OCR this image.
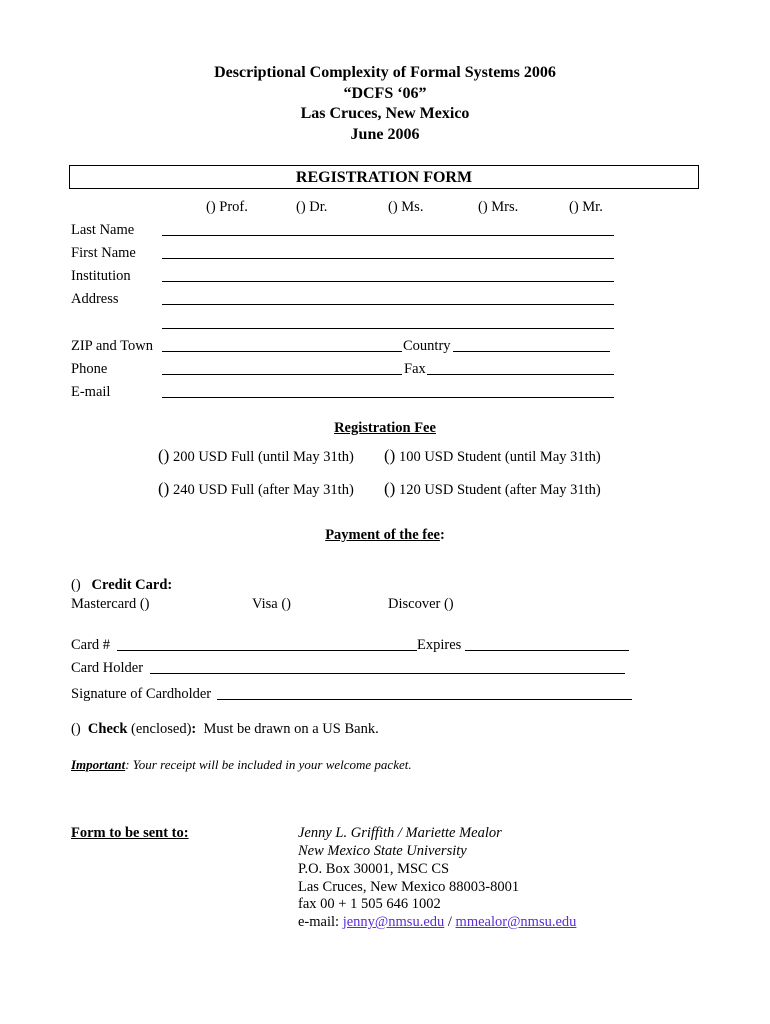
Descriptional Complexity of Formal Systems 2006
“DCFS ‘06”
Las Cruces, New Mexico
June 2006
REGISTRATION FORM
() Prof.	() Dr.	() Ms.	() Mrs.	() Mr.
Last Name
First Name
Institution
Address
ZIP and Town	Country
Phone	Fax
E-mail
Registration Fee
() 200 USD Full (until May 31th) () 100 USD Student (until May 31th)
() 240 USD Full (after May 31th) () 120 USD Student (after May 31th)
Payment of the fee:
() Credit Card:
Mastercard ()	Visa ()	Discover ()
Card #	Expires
Card Holder
Signature of Cardholder
() Check (enclosed): Must be drawn on a US Bank.
Important: Your receipt will be included in your welcome packet.
Form to be sent to:	Jenny L. Griffith / Mariette Mealor
New Mexico State University
P.O. Box 30001, MSC CS
Las Cruces, New Mexico 88003-8001
fax 00 + 1 505 646 1002
e-mail: jenny@nmsu.edu / mmealor@nmsu.edu
